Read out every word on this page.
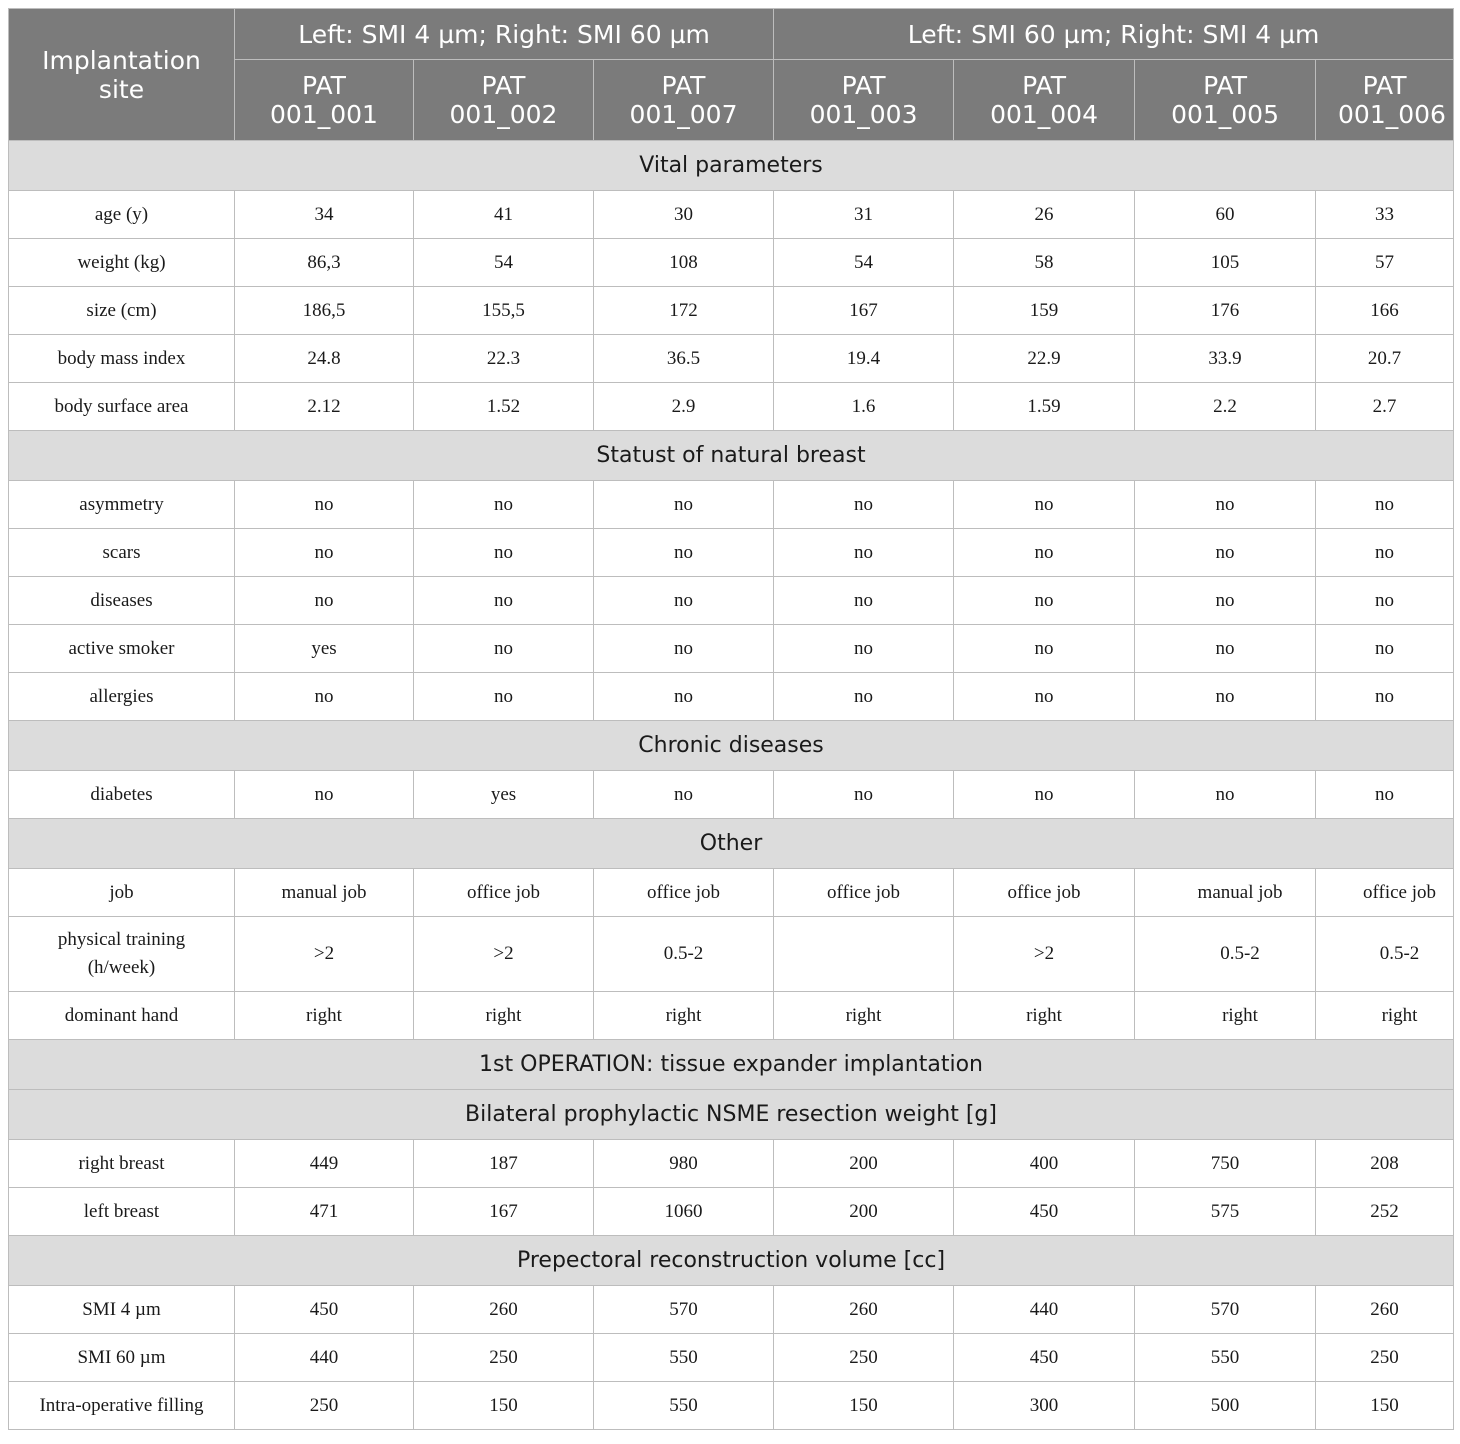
Implantation site	Left: SMI 4 µm; Right: SMI 60 µm			Left: SMI 60 µm; Right: SMI 4 µm			
	PAT 001_001	PAT 001_002	PAT 001_007	PAT 001_003	PAT 001_004	PAT 001_005	PAT 001_006
Vital parameters							
age (y)	34	41	30	31	26	60	33
weight (kg)	86,3	54	108	54	58	105	57
size (cm)	186,5	155,5	172	167	159	176	166
body mass index	24.8	22.3	36.5	19.4	22.9	33.9	20.7
body surface area	2.12	1.52	2.9	1.6	1.59	2.2	2.7
Statust of natural breast							
asymmetry	no	no	no	no	no	no	no
scars	no	no	no	no	no	no	no
diseases	no	no	no	no	no	no	no
active smoker	yes	no	no	no	no	no	no
allergies	no	no	no	no	no	no	no
Chronic diseases							
diabetes	no	yes	no	no	no	no	no
Other							
job	manual job	office job	office job	office job	office job	manual job	office job
physical training (h/week)	>2	>2	0.5-2		>2	0.5-2	0.5-2
dominant hand	right	right	right	right	right	right	right
1st OPERATION: tissue expander implantation							
Bilateral prophylactic NSME resection weight [g]							
right breast	449	187	980	200	400	750	208
left breast	471	167	1060	200	450	575	252
Prepectoral reconstruction volume [cc]							
SMI 4 µm	450	260	570	260	440	570	260
SMI 60 µm	440	250	550	250	450	550	250
Intra-operative filling	250	150	550	150	300	500	150
